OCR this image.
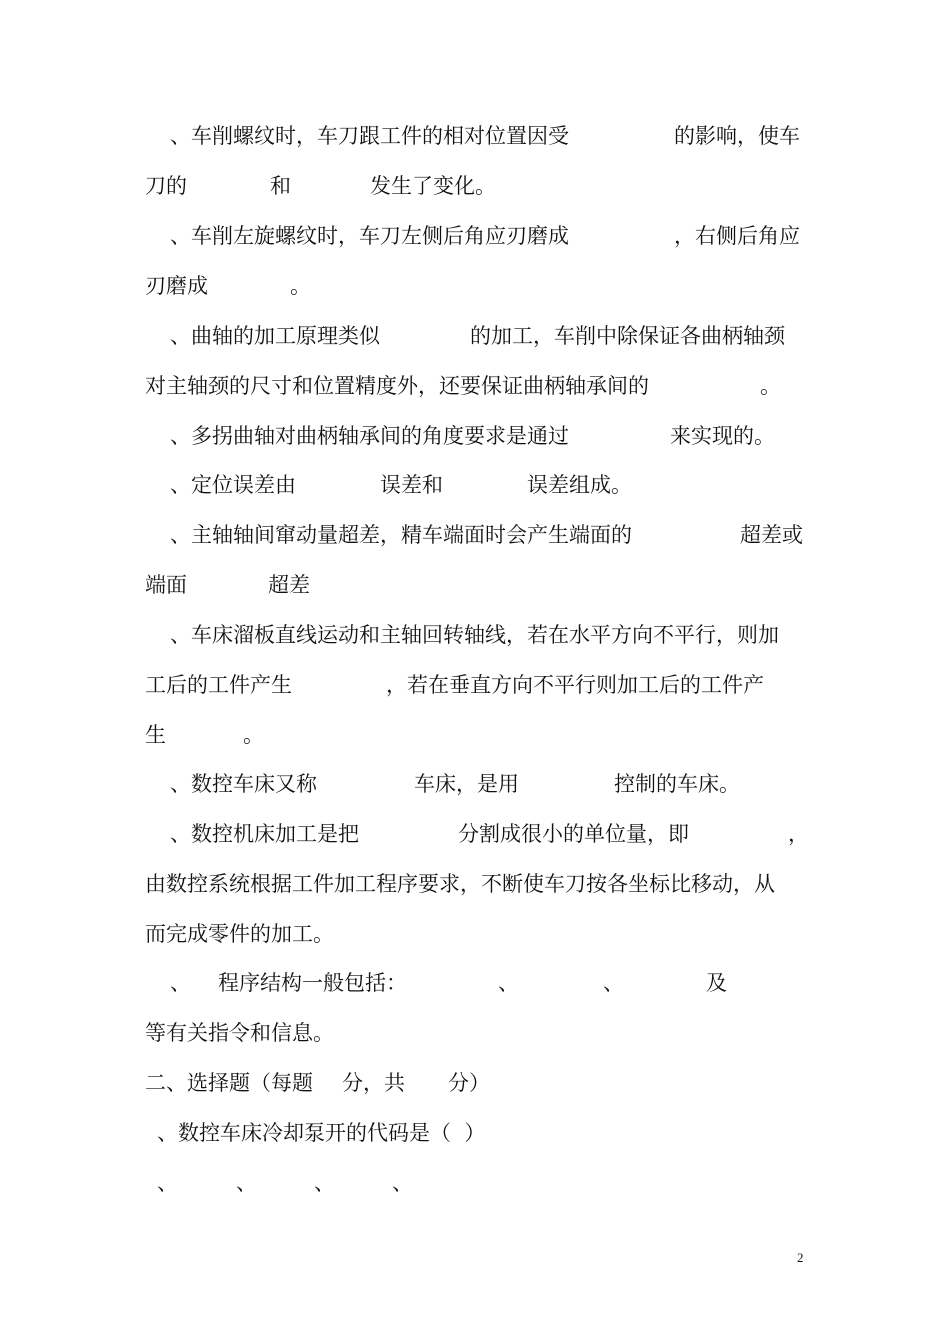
、车削螺纹时，车刀跟工件的相对位置因受	的影响，使车
刀的	和	发生了变化。
、车削左旋螺纹时，车刀左侧后角应刃磨成	，右侧后角应
刃磨成	。
、曲轴的加工原理类似	的加工，车削中除保证各曲柄轴颈
对主轴颈的尺寸和位置精度外，还要保证曲柄轴承间的	。
、多拐曲轴对曲柄轴承间的角度要求是通过	来实现的。
、定位误差由	误差和	误差组成。
、主轴轴间窜动量超差，精车端面时会产生端面的	超差或
端面	超差
、车床溜板直线运动和主轴回转轴线，若在水平方向不平行，则加
工后的工件产生	，若在垂直方向不平行则加工后的工件产
生	。
、数控车床又称	车床，是用	控制的车床。
、数控机床加工是把	分割成很小的单位量，即	，
由数控系统根据工件加工程序要求，不断使车刀按各坐标比移动，从
而完成零件的加工。
、 程序结构一般包括：	、	、	及
等有关指令和信息。
二、选择题（每题 分，共 分）
、数控车床冷却泵开的代码是（  ）
、	、	、	、
2
